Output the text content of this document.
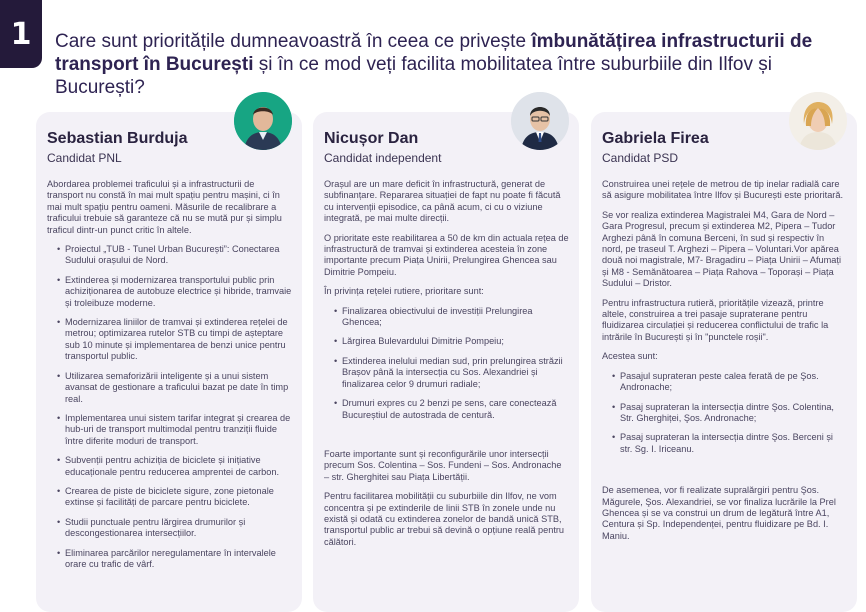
1	Care sunt prioritățile dumneavoastră în ceea ce privește îmbunătățirea infrastructurii de transport în București și în ce mod veți facilita mobilitatea între suburbiile din Ilfov și București?
Sebastian Burduja
Candidat PNL

Abordarea problemei traficului și a infrastructurii de transport nu constă în mai mult spațiu pentru mașini, ci în mai mult spațiu pentru oameni. Măsurile de recalibrare a traficului trebuie să garanteze că nu se mută pur și simplu traficul dintr-un punct critic în altele.

• Proiectul „TUB - Tunel Urban București”: Conectarea Sudului orașului de Nord.
• Extinderea și modernizarea transportului public prin achiziționarea de autobuze electrice și hibride, tramvaie și troleibuze moderne.
• Modernizarea liniilor de tramvai și extinderea rețelei de metrou; optimizarea rutelor STB cu timpi de așteptare sub 10 minute și implementarea de benzi unice pentru transportul public.
• Utilizarea semaforizării inteligente și a unui sistem avansat de gestionare a traficului bazat pe date în timp real.
• Implementarea unui sistem tarifar integrat și crearea de hub-uri de transport multimodal pentru tranziții fluide între diferite moduri de transport.
• Subvenții pentru achiziția de biciclete și inițiative educaționale pentru reducerea amprentei de carbon.
• Crearea de piste de biciclete sigure, zone pietonale extinse și facilități de parcare pentru biciclete.
• Studii punctuale pentru lărgirea drumurilor și descongestionarea intersecțiilor.
• Eliminarea parcărilor neregulamentare în intervalele orare cu trafic de vârf.
Nicușor Dan
Candidat independent

Orașul are un mare deficit în infrastructură, generat de subfinanțare. Repararea situației de fapt nu poate fi făcută cu intervenții episodice, ca până acum, ci cu o viziune integrată, pe mai multe direcții.

O prioritate este reabilitarea a 50 de km din actuala rețea de infrastructură de tramvai și extinderea acesteia în zone importante precum Piața Unirii, Prelungirea Ghencea sau Dimitrie Pompeiu.

În privința rețelei rutiere, prioritare sunt:

• Finalizarea obiectivului de investiții Prelungirea Ghencea;
• Lărgirea Bulevardului Dimitrie Pompeiu;
• Extinderea inelului median sud, prin prelungirea străzii Brașov până la intersecția cu Sos. Alexandriei și finalizarea celor 9 drumuri radiale;
• Drumuri expres cu 2 benzi pe sens, care conectează Bucureștiul de autostrada de centură.

Foarte importante sunt și reconfigurările unor intersecții precum Sos. Colentina – Sos. Fundeni – Sos. Andronache – str. Gherghitei sau Piața Libertății.

Pentru facilitarea mobilității cu suburbiile din Ilfov, ne vom concentra și pe extinderile de linii STB în zonele unde nu există și odată cu extinderea zonelor de bandă unică STB, transportul public ar trebui să devină o opțiune reală pentru călători.

Gabriela Firea
Candidat PSD

Construirea unei rețele de metrou de tip inelar radială care să asigure mobilitatea între Ilfov și București este prioritară.

Se vor realiza extinderea Magistralei M4, Gara de Nord – Gara Progresul, precum și extinderea M2, Pipera – Tudor Arghezi până în comuna Berceni, în sud și respectiv în nord, pe traseul T. Arghezi – Pipera – Voluntari.Vor apărea două noi magistrale, M7- Bragadiru – Piața Unirii – Afumați și M8 - Semănătoarea – Piața Rahova – Toporași – Piața Sudului – Dristor.

Pentru infrastructura rutieră, prioritățile vizează, printre altele, construirea a trei pasaje supraterane pentru fluidizarea circulației și reducerea conflictului de trafic la intrările în București și în "punctele roșii".

Acestea sunt:

• Pasajul suprateran peste calea ferată de pe Şos. Andronache;
• Pasaj suprateran la intersecția dintre Şos. Colentina, Str. Gherghiței, Şos. Andronache;
• Pasaj suprateran la intersecția dintre Şos. Berceni și str. Sg. I. Iriceanu.

De asemenea, vor fi realizate supralărgiri pentru Şos. Măgurele, Şos. Alexandriei, se vor finaliza lucrările la Prel Ghencea și se va construi un drum de legătură între A1, Centura și Sp. Independenței, pentru fluidizare pe Bd. I. Maniu.
